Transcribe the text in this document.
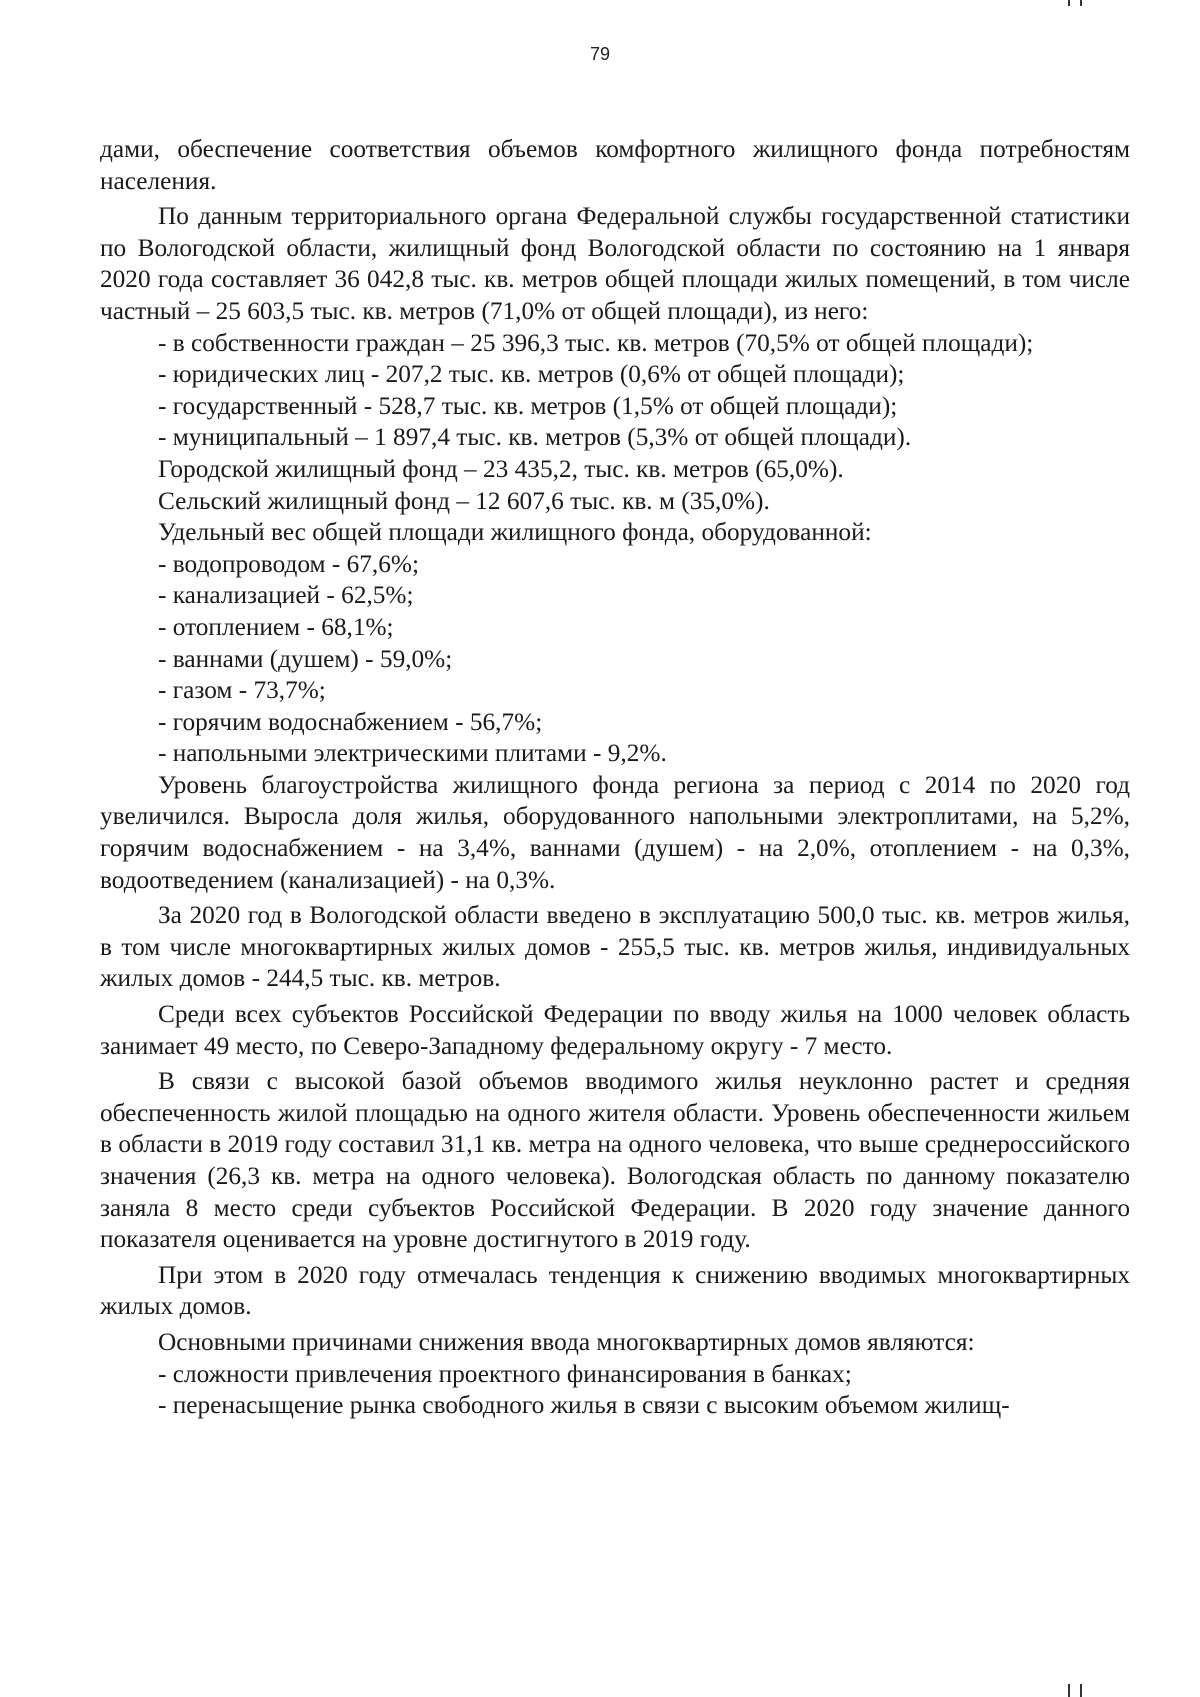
79

дами, обеспечение соответствия объемов комфортного жилищного фонда потребностям населения.

По данным территориального органа Федеральной службы государственной статистики по Вологодской области, жилищный фонд Вологодской области по состоянию на 1 января 2020 года составляет 36 042,8 тыс. кв. метров общей площади жилых помещений, в том числе частный – 25 603,5 тыс. кв. метров (71,0% от общей площади), из него:

- в собственности граждан – 25 396,3 тыс. кв. метров (70,5% от общей площади);

- юридических лиц - 207,2 тыс. кв. метров (0,6% от общей площади);

- государственный - 528,7 тыс. кв. метров (1,5% от общей площади);

- муниципальный – 1 897,4 тыс. кв. метров (5,3% от общей площади).

Городской жилищный фонд – 23 435,2, тыс. кв. метров (65,0%).

Сельский жилищный фонд – 12 607,6 тыс. кв. м (35,0%).

Удельный вес общей площади жилищного фонда, оборудованной:

- водопроводом - 67,6%;

- канализацией - 62,5%;

- отоплением - 68,1%;

- ваннами (душем) - 59,0%;

- газом - 73,7%;

- горячим водоснабжением - 56,7%;

- напольными электрическими плитами - 9,2%.

Уровень благоустройства жилищного фонда региона за период с 2014 по 2020 год увеличился. Выросла доля жилья, оборудованного напольными электроплитами, на 5,2%, горячим водоснабжением - на 3,4%, ваннами (душем) - на 2,0%, отоплением - на 0,3%, водоотведением (канализацией) - на 0,3%.

За 2020 год в Вологодской области введено в эксплуатацию 500,0 тыс. кв. метров жилья, в том числе многоквартирных жилых домов - 255,5 тыс. кв. метров жилья, индивидуальных жилых домов - 244,5 тыс. кв. метров.

Среди всех субъектов Российской Федерации по вводу жилья на 1000 человек область занимает 49 место, по Северо-Западному федеральному округу - 7 место.

В связи с высокой базой объемов вводимого жилья неуклонно растет и средняя обеспеченность жилой площадью на одного жителя области. Уровень обеспеченности жильем в области в 2019 году составил 31,1 кв. метра на одного человека, что выше среднероссийского значения (26,3 кв. метра на одного человека). Вологодская область по данному показателю заняла 8 место среди субъектов Российской Федерации. В 2020 году значение данного показателя оценивается на уровне достигнутого в 2019 году.

При этом в 2020 году отмечалась тенденция к снижению вводимых многоквартирных жилых домов.

Основными причинами снижения ввода многоквартирных домов являются:

- сложности привлечения проектного финансирования в банках;

- перенасыщение рынка свободного жилья в связи с высоким объемом жилищ-
